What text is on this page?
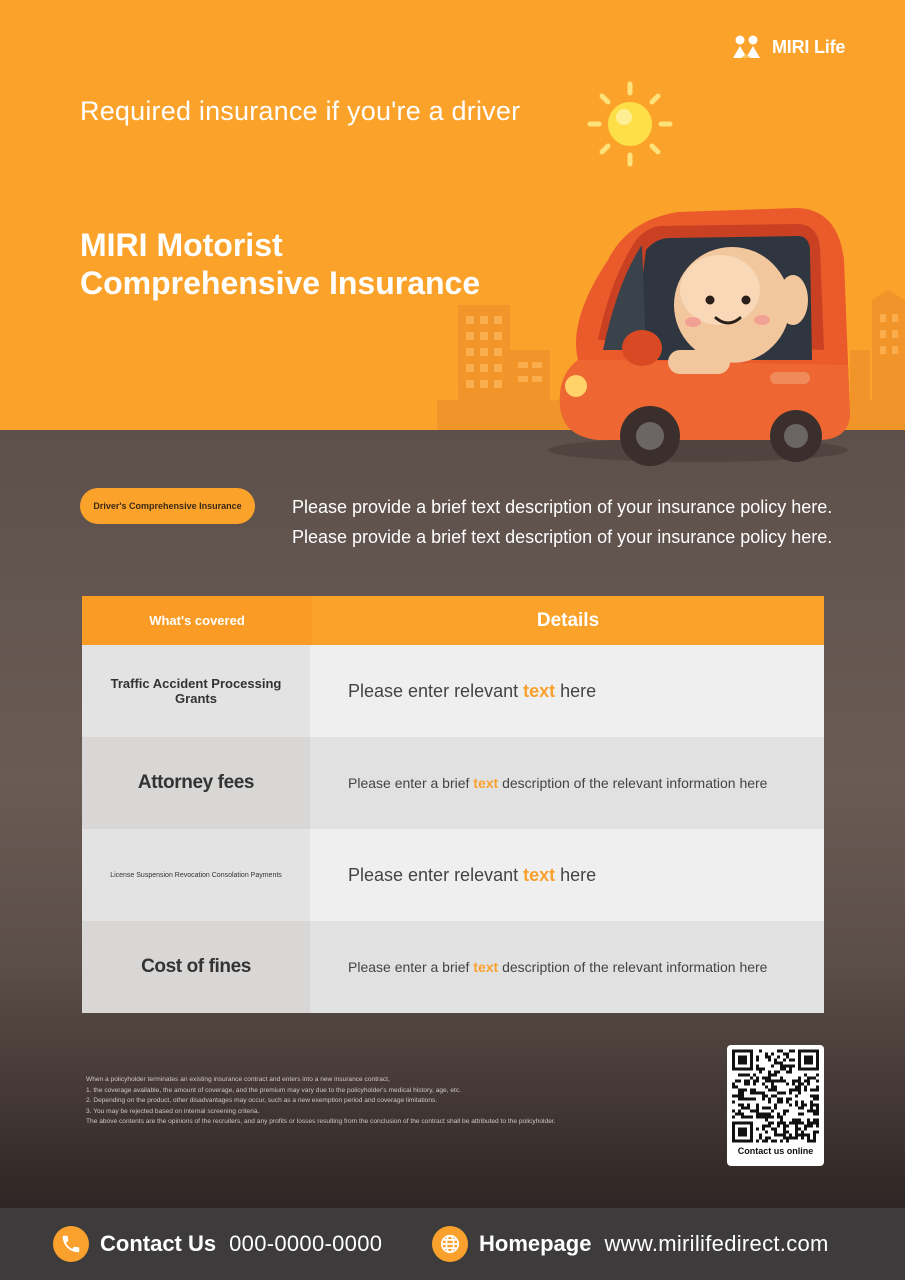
MIRI Life
Required insurance if you're a driver
MIRI Motorist
Comprehensive Insurance
Driver's Comprehensive Insurance	Please provide a brief text description of your insurance policy here.

Please provide a brief text description of your insurance policy here.

What's covered	Details
Traffic Accident Processing Grants	Please enter relevant text here
Attorney fees	Please enter a brief text description of the relevant information here
License Suspension Revocation Consolation Payments	Please enter relevant text here
Cost of fines	Please enter a brief text description of the relevant information here

When a policyholder terminates an existing insurance contract and enters into a new insurance contract,

1. the coverage available, the amount of coverage, and the premium may vary due to the policyholder's medical history, age, etc.

2. Depending on the product, other disadvantages may occur, such as a new exemption period and coverage limitations.

3. You may be rejected based on internal screening criteria.

The above contents are the opinions of the recruiters, and any profits or losses resulting from the conclusion of the contract shall be attributed to the policyholder.

Contact us online
Contact Us 000-0000-0000	Homepage www.mirilifedirect.com
